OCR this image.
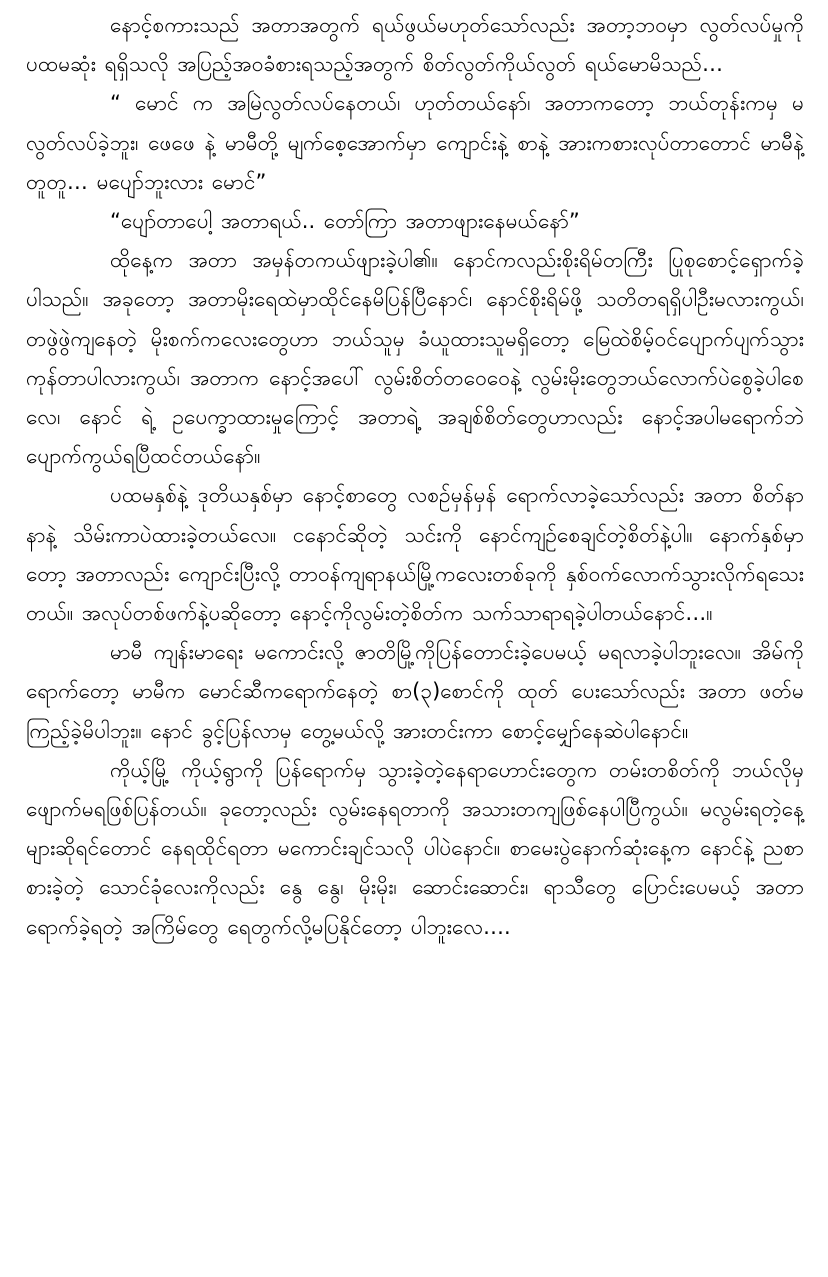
နောင့်စကားသည် အတာအတွက် ရယ်ဖွယ်မဟုတ်သော်လည်း အတာ့ဘဝမှာ လွတ်လပ်မှုကို ပထမဆုံး ရရှိသလို အပြည့်အဝခံစားရသည့်အတွက် စိတ်လွတ်ကိုယ်လွတ် ရယ်မောမိသည်…

“ မောင် က အမြဲလွတ်လပ်နေတယ်၊ ဟုတ်တယ်နော်၊ အတာကတော့ ဘယ်တုန်းကမှ မလွတ်လပ်ခဲ့ဘူး၊ ဖေဖေ နဲ့ မာမီတို့ မျက်စေ့အောက်မှာ ကျောင်းနဲ့ စာနဲ့ အားကစားလုပ်တာတောင် မာမီနဲ့တူတူ… မပျော်ဘူးလား မောင်”

“ပျော်တာပေါ့ အတာရယ်.. တော်ကြာ အတာဖျားနေမယ်နော်”

ထိုနေ့က အတာ အမှန်တကယ်ဖျားခဲ့ပါ၏။ နောင်ကလည်းစိုးရိမ်တကြီး ပြုစုစောင့်ရှောက်ခဲ့ပါသည်။ အခုတော့ အတာမိုးရေထဲမှာထိုင်နေမိပြန်ပြီနောင်၊ နောင်စိုးရိမ်ဖို့ သတိတရရှိပါဦးမလားကွယ်၊ တဖွဲဖွဲကျနေတဲ့ မိုးစက်ကလေးတွေဟာ ဘယ်သူမှ ခံယူထားသူမရှိတော့ မြေထဲစိမ့်ဝင်ပျောက်ပျက်သွားကုန်တာပါလားကွယ်၊ အတာက နောင့်အပေါ် လွမ်းစိတ်တဝေဝေနဲ့ လွမ်းမိုးတွေဘယ်လောက်ပဲစွေခဲ့ပါစေလေ၊ နောင် ရဲ့ ဥပေက္ခာထားမှုကြောင့် အတာရဲ့ အချစ်စိတ်တွေဟာလည်း နောင့်အပါမရောက်ဘဲ ပျောက်ကွယ်ရပြီထင်တယ်နော်။

ပထမနှစ်နဲ့ ဒုတိယနှစ်မှာ နောင့်စာတွေ လစဉ်မှန်မှန် ရောက်လာခဲ့သော်လည်း အတာ စိတ်နာနာနဲ့ သိမ်းကာပဲထားခဲ့တယ်လေ။ ငနောင်ဆိုတဲ့ သင်းကို နောင်ကျဉ်စေချင်တဲ့စိတ်နဲ့ပါ။ နောက်နှစ်မှာတော့ အတာလည်း ကျောင်းပြီးလို့ တာဝန်ကျရာနယ်မြို့ကလေးတစ်ခုကို နှစ်ဝက်လောက်သွားလိုက်ရသေးတယ်။ အလုပ်တစ်ဖက်နဲ့ပဆိုတော့ နောင့်ကိုလွမ်းတဲ့စိတ်က သက်သာရာရခဲ့ပါတယ်နောင်…။

မာမီ ကျန်းမာရေး မကောင်းလို့ ဇာတိမြို့ကိုပြန်တောင်းခဲ့ပေမယ့် မရလာခဲ့ပါဘူးလေ။ အိမ်ကိုရောက်တော့ မာမီက မောင်ဆီကရောက်နေတဲ့ စာ(၃)စောင်ကို ထုတ် ပေးသော်လည်း အတာ ဖတ်မကြည့်ခဲ့မိပါဘူး။ နောင် ခွင့်ပြန်လာမှ တွေ့မယ်လို့ အားတင်းကာ စောင့်မျှော်နေဆဲပါနောင်။

ကိုယ့်မြို့ ကိုယ့်ရွာကို ပြန်ရောက်မှ သွားခဲ့တဲ့နေရာဟောင်းတွေက တမ်းတစိတ်ကို ဘယ်လိုမှဖျောက်မရဖြစ်ပြန်တယ်။ ခုတော့လည်း လွမ်းနေရတာကို အသားတကျဖြစ်နေပါပြီကွယ်။ မလွမ်းရတဲ့နေ့များဆိုရင်တောင် နေရထိုင်ရတာ မကောင်းချင်သလို ပါပဲနောင်။ စာမေးပွဲနောက်ဆုံးနေ့က နောင်နဲ့ ညစာစားခဲ့တဲ့ သောင်ခုံလေးကိုလည်း နွေ နွေ၊ မိုးမိုး၊ ဆောင်းဆောင်း၊ ရာသီတွေ ပြောင်းပေမယ့် အတာရောက်ခဲ့ရတဲ့ အကြိမ်တွေ ရေတွက်လို့မပြနိုင်တော့ ပါဘူးလေ….
